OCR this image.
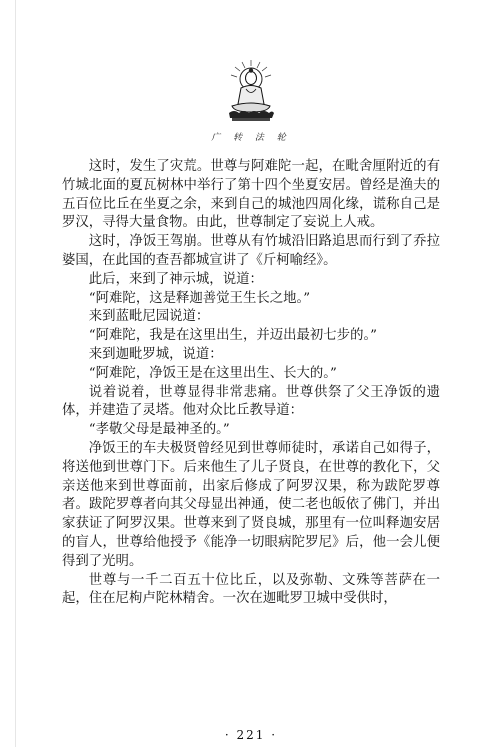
广 转 法 轮

这时，发生了灾荒。世尊与阿难陀一起，在毗舍厘附近的有竹城北面的夏瓦树林中举行了第十四个坐夏安居。曾经是渔夫的五百位比丘在坐夏之余，来到自己的城池四周化缘，谎称自己是罗汉，寻得大量食物。由此，世尊制定了妄说上人戒。

这时，净饭王驾崩。世尊从有竹城沿旧路追思而行到了乔拉婆国，在此国的查吾都城宣讲了《斤柯喻经》。

此后，来到了神示城，说道：

“阿难陀，这是释迦善觉王生长之地。”

来到蓝毗尼园说道：

“阿难陀，我是在这里出生，并迈出最初七步的。”

来到迦毗罗城，说道：

“阿难陀，净饭王是在这里出生、长大的。”

说着说着，世尊显得非常悲痛。世尊供祭了父王净饭的遗体，并建造了灵塔。他对众比丘教导道：

“孝敬父母是最神圣的。”

净饭王的车夫极贤曾经见到世尊师徒时，承诺自己如得子，将送他到世尊门下。后来他生了儿子贤良，在世尊的教化下，父亲送他来到世尊面前，出家后修成了阿罗汉果，称为跋陀罗尊者。跋陀罗尊者向其父母显出神通，使二老也皈依了佛门，并出家获证了阿罗汉果。世尊来到了贤良城，那里有一位叫释迦安居的盲人，世尊给他授予《能净一切眼病陀罗尼》后，他一会儿便得到了光明。

世尊与一千二百五十位比丘，以及弥勒、文殊等菩萨在一起，住在尼枸卢陀林精舍。一次在迦毗罗卫城中受供时，

· 221 ·
